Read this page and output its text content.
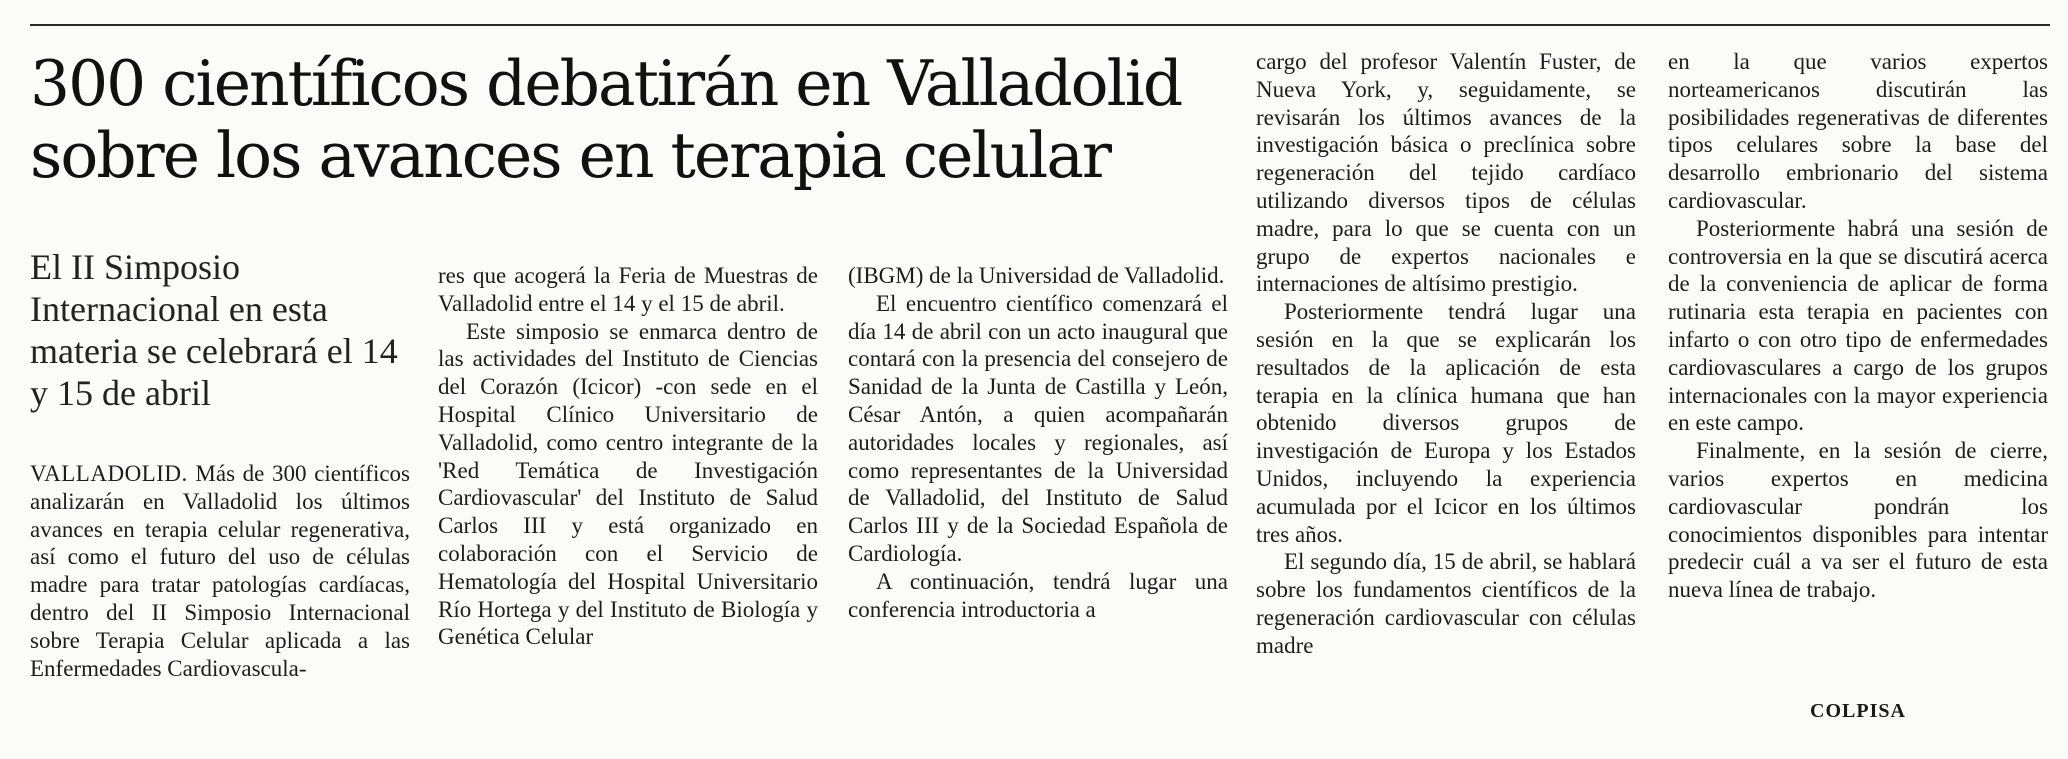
300 científicos debatirán en Valladolid
sobre los avances en terapia celular
El II Simposio Internacional en esta materia se celebrará el 14 y 15 de abril

VALLADOLID. Más de 300 científicos analizarán en Valladolid los últimos avances en terapia celular regenerativa, así como el futuro del uso de células madre para tratar patologías cardíacas, dentro del II Simposio Internacional sobre Terapia Celular aplicada a las Enfermedades Cardiovascula-

res que acogerá la Feria de Muestras de Valladolid entre el 14 y el 15 de abril.

Este simposio se enmarca dentro de las actividades del Instituto de Ciencias del Corazón (Icicor) -con sede en el Hospital Clínico Universitario de Valladolid, como centro integrante de la 'Red Temática de Investigación Cardiovascular' del Instituto de Salud Carlos III y está organizado en colaboración con el Servicio de Hematología del Hospital Universitario Río Hortega y del Instituto de Biología y Genética Celular

(IBGM) de la Universidad de Valladolid.

El encuentro científico comenzará el día 14 de abril con un acto inaugural que contará con la presencia del consejero de Sanidad de la Junta de Castilla y León, César Antón, a quien acompañarán autoridades locales y regionales, así como representantes de la Universidad de Valladolid, del Instituto de Salud Carlos III y de la Sociedad Española de Cardiología.

A continuación, tendrá lugar una conferencia introductoria a

cargo del profesor Valentín Fuster, de Nueva York, y, seguidamente, se revisarán los últimos avances de la investigación básica o preclínica sobre regeneración del tejido cardíaco utilizando diversos tipos de células madre, para lo que se cuenta con un grupo de expertos nacionales e internaciones de altísimo prestigio.

Posteriormente tendrá lugar una sesión en la que se explicarán los resultados de la aplicación de esta terapia en la clínica humana que han obtenido diversos grupos de investigación de Europa y los Estados Unidos, incluyendo la experiencia acumulada por el Icicor en los últimos tres años.

El segundo día, 15 de abril, se hablará sobre los fundamentos científicos de la regeneración cardiovascular con células madre

en la que varios expertos norteamericanos discutirán las posibilidades regenerativas de diferentes tipos celulares sobre la base del desarrollo embrionario del sistema cardiovascular.

Posteriormente habrá una sesión de controversia en la que se discutirá acerca de la conveniencia de aplicar de forma rutinaria esta terapia en pacientes con infarto o con otro tipo de enfermedades cardiovasculares a cargo de los grupos internacionales con la mayor experiencia en este campo.

Finalmente, en la sesión de cierre, varios expertos en medicina cardiovascular pondrán los conocimientos disponibles para intentar predecir cuál a va ser el futuro de esta nueva línea de trabajo.

COLPISA
